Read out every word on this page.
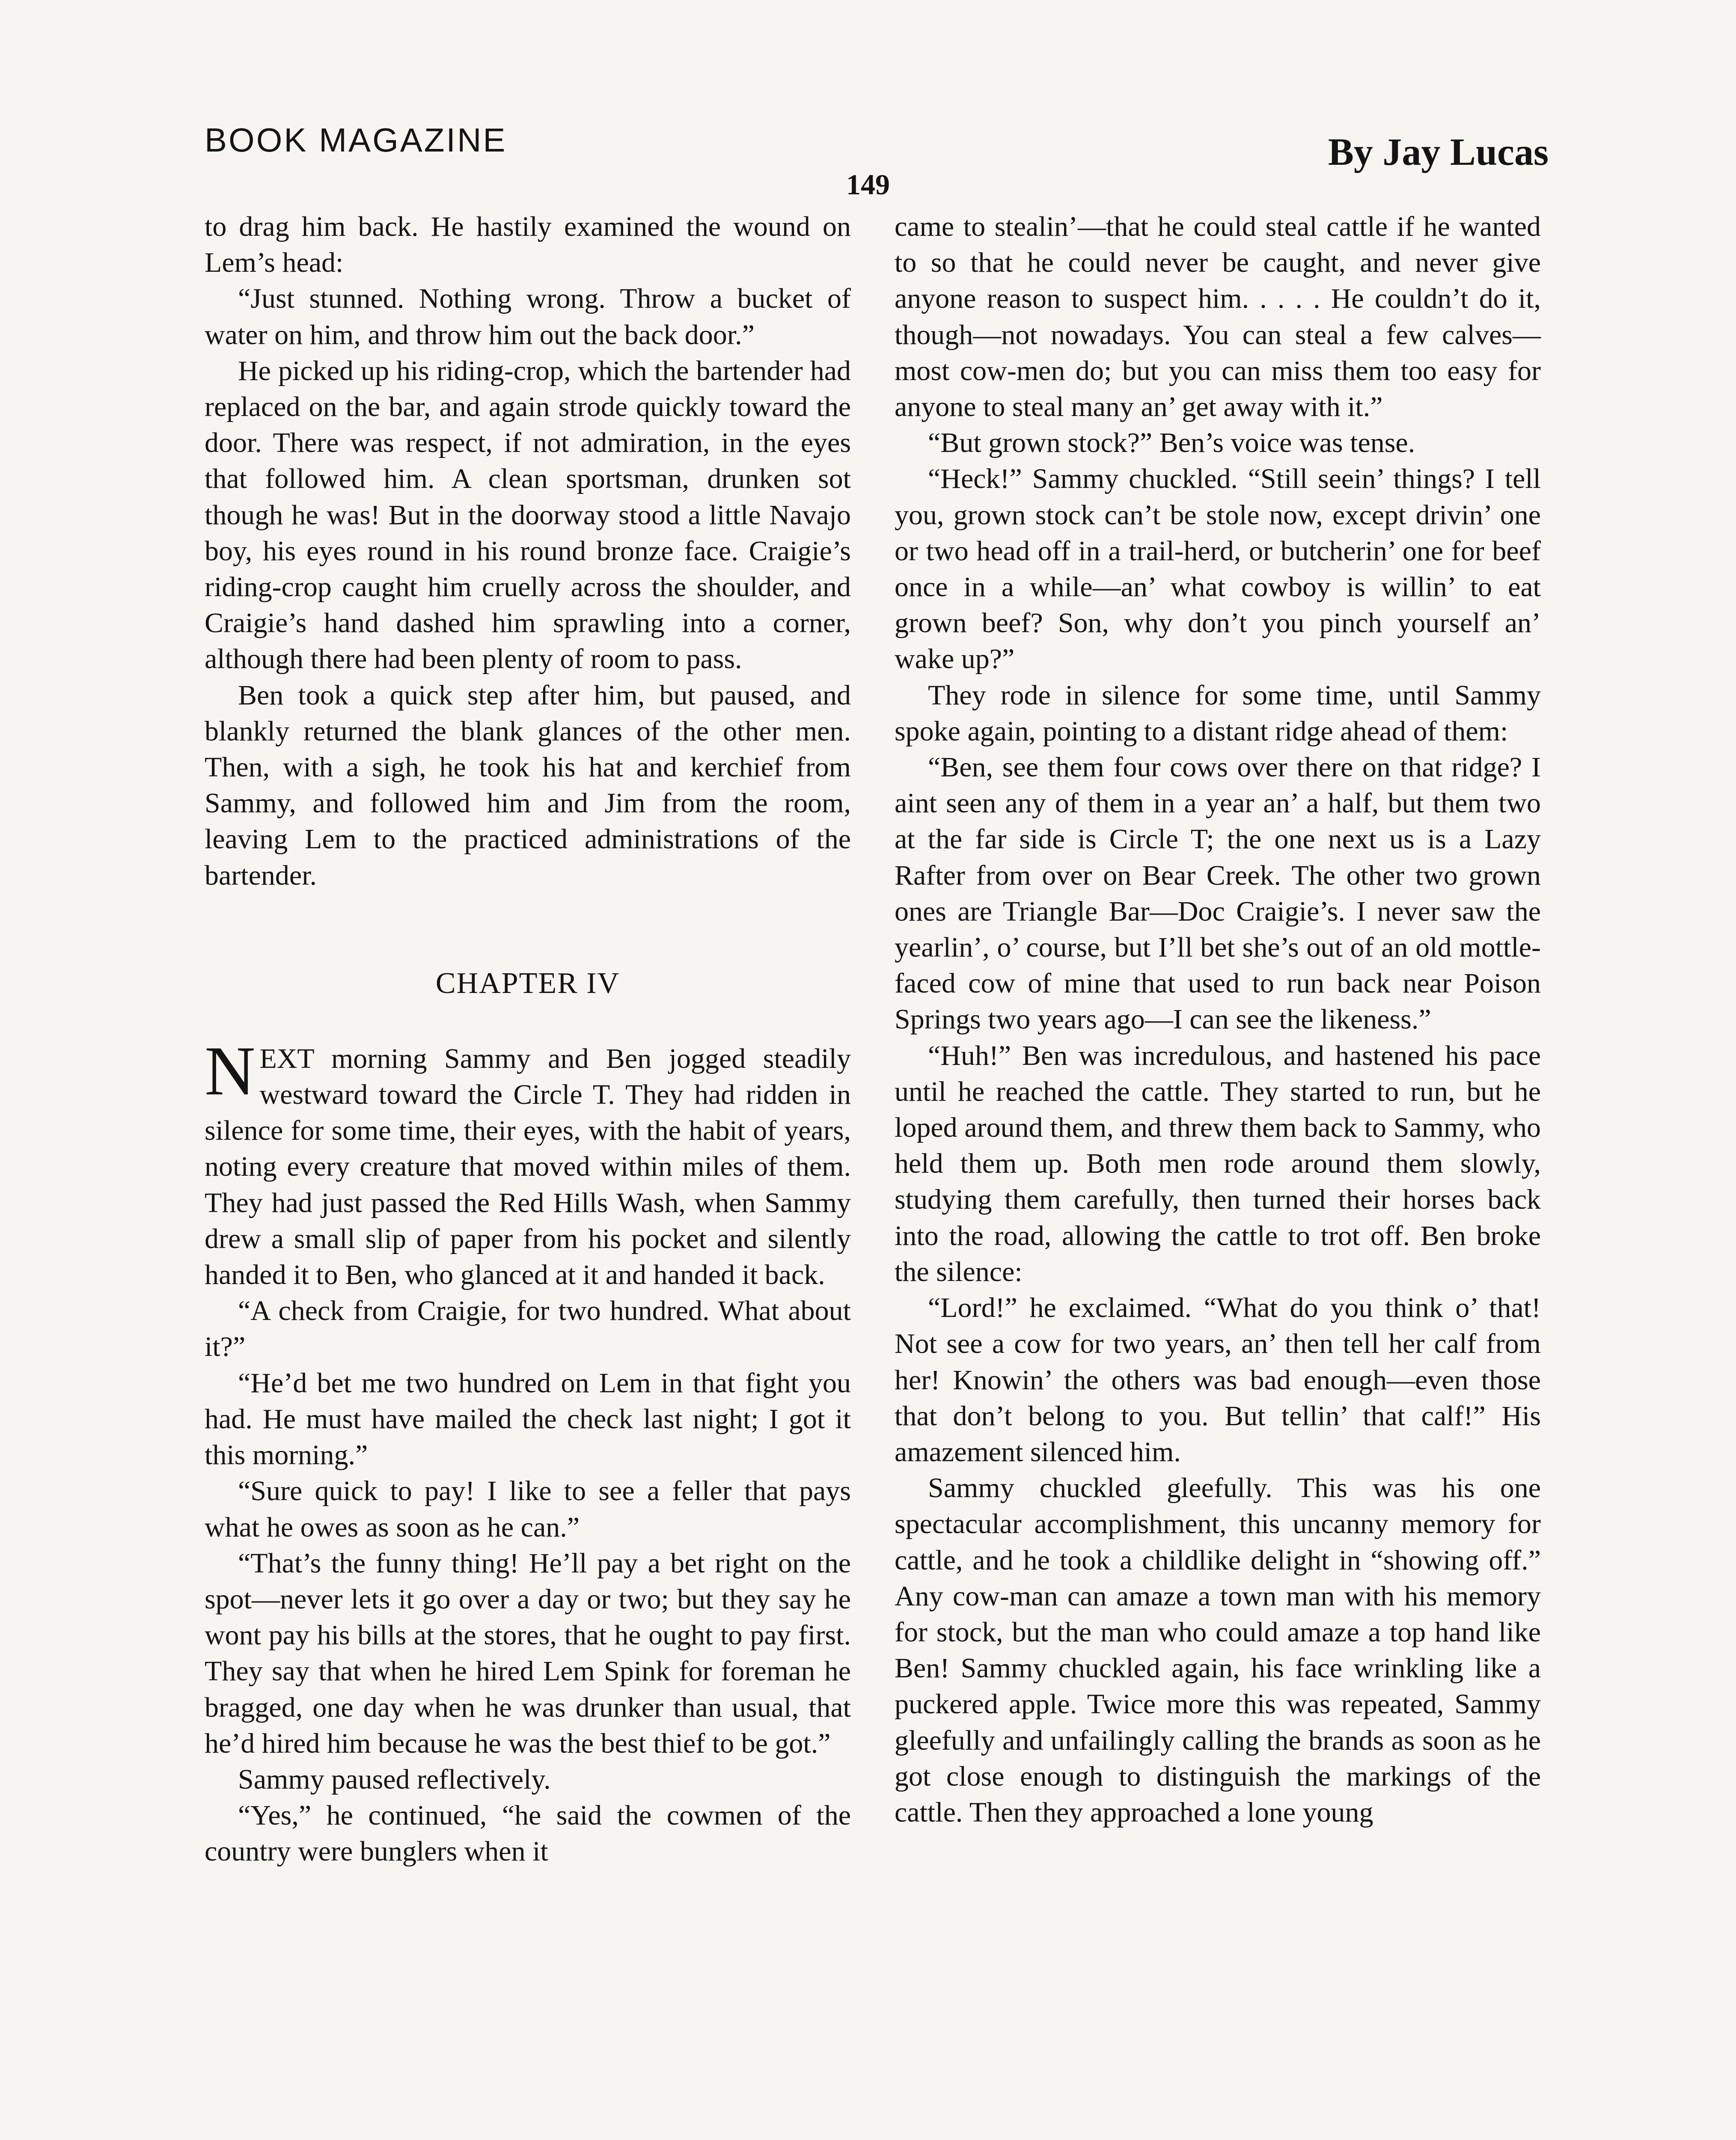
BOOK MAGAZINE	By Jay Lucas
149

to drag him back. He hastily examined the wound on Lem’s head:

“Just stunned. Nothing wrong. Throw a bucket of water on him, and throw him out the back door.”

He picked up his riding-crop, which the bartender had replaced on the bar, and again strode quickly toward the door. There was respect, if not admiration, in the eyes that followed him. A clean sportsman, drunken sot though he was! But in the doorway stood a little Navajo boy, his eyes round in his round bronze face. Craigie’s riding-crop caught him cruelly across the shoulder, and Craigie’s hand dashed him sprawling into a corner, although there had been plenty of room to pass.

Ben took a quick step after him, but paused, and blankly returned the blank glances of the other men. Then, with a sigh, he took his hat and kerchief from Sammy, and followed him and Jim from the room, leaving Lem to the practiced administrations of the bartender.

CHAPTER IV

NEXT morning Sammy and Ben jogged steadily westward toward the Circle T. They had ridden in silence for some time, their eyes, with the habit of years, noting every creature that moved within miles of them. They had just passed the Red Hills Wash, when Sammy drew a small slip of paper from his pocket and silently handed it to Ben, who glanced at it and handed it back.

“A check from Craigie, for two hundred. What about it?”

“He’d bet me two hundred on Lem in that fight you had. He must have mailed the check last night; I got it this morning.”

“Sure quick to pay! I like to see a feller that pays what he owes as soon as he can.”

“That’s the funny thing! He’ll pay a bet right on the spot—never lets it go over a day or two; but they say he wont pay his bills at the stores, that he ought to pay first. They say that when he hired Lem Spink for foreman he bragged, one day when he was drunker than usual, that he’d hired him because he was the best thief to be got.”

Sammy paused reflectively.

“Yes,” he continued, “he said the cowmen of the country were bunglers when it

came to stealin’—that he could steal cattle if he wanted to so that he could never be caught, and never give anyone reason to suspect him. . . . . He couldn’t do it, though—not nowadays. You can steal a few calves—most cow-men do; but you can miss them too easy for anyone to steal many an’ get away with it.”

“But grown stock?” Ben’s voice was tense.

“Heck!” Sammy chuckled. “Still seein’ things? I tell you, grown stock can’t be stole now, except drivin’ one or two head off in a trail-herd, or butcherin’ one for beef once in a while—an’ what cowboy is willin’ to eat grown beef? Son, why don’t you pinch yourself an’ wake up?”

They rode in silence for some time, until Sammy spoke again, pointing to a distant ridge ahead of them:

“Ben, see them four cows over there on that ridge? I aint seen any of them in a year an’ a half, but them two at the far side is Circle T; the one next us is a Lazy Rafter from over on Bear Creek. The other two grown ones are Triangle Bar—Doc Craigie’s. I never saw the yearlin’, o’ course, but I’ll bet she’s out of an old mottle-faced cow of mine that used to run back near Poison Springs two years ago—I can see the likeness.”

“Huh!” Ben was incredulous, and hastened his pace until he reached the cattle. They started to run, but he loped around them, and threw them back to Sammy, who held them up. Both men rode around them slowly, studying them carefully, then turned their horses back into the road, allowing the cattle to trot off. Ben broke the silence:

“Lord!” he exclaimed. “What do you think o’ that! Not see a cow for two years, an’ then tell her calf from her! Knowin’ the others was bad enough—even those that don’t belong to you. But tellin’ that calf!” His amazement silenced him.

Sammy chuckled gleefully. This was his one spectacular accomplishment, this uncanny memory for cattle, and he took a childlike delight in “showing off.” Any cow-man can amaze a town man with his memory for stock, but the man who could amaze a top hand like Ben! Sammy chuckled again, his face wrinkling like a puckered apple. Twice more this was repeated, Sammy gleefully and unfailingly calling the brands as soon as he got close enough to distinguish the markings of the cattle. Then they approached a lone young
